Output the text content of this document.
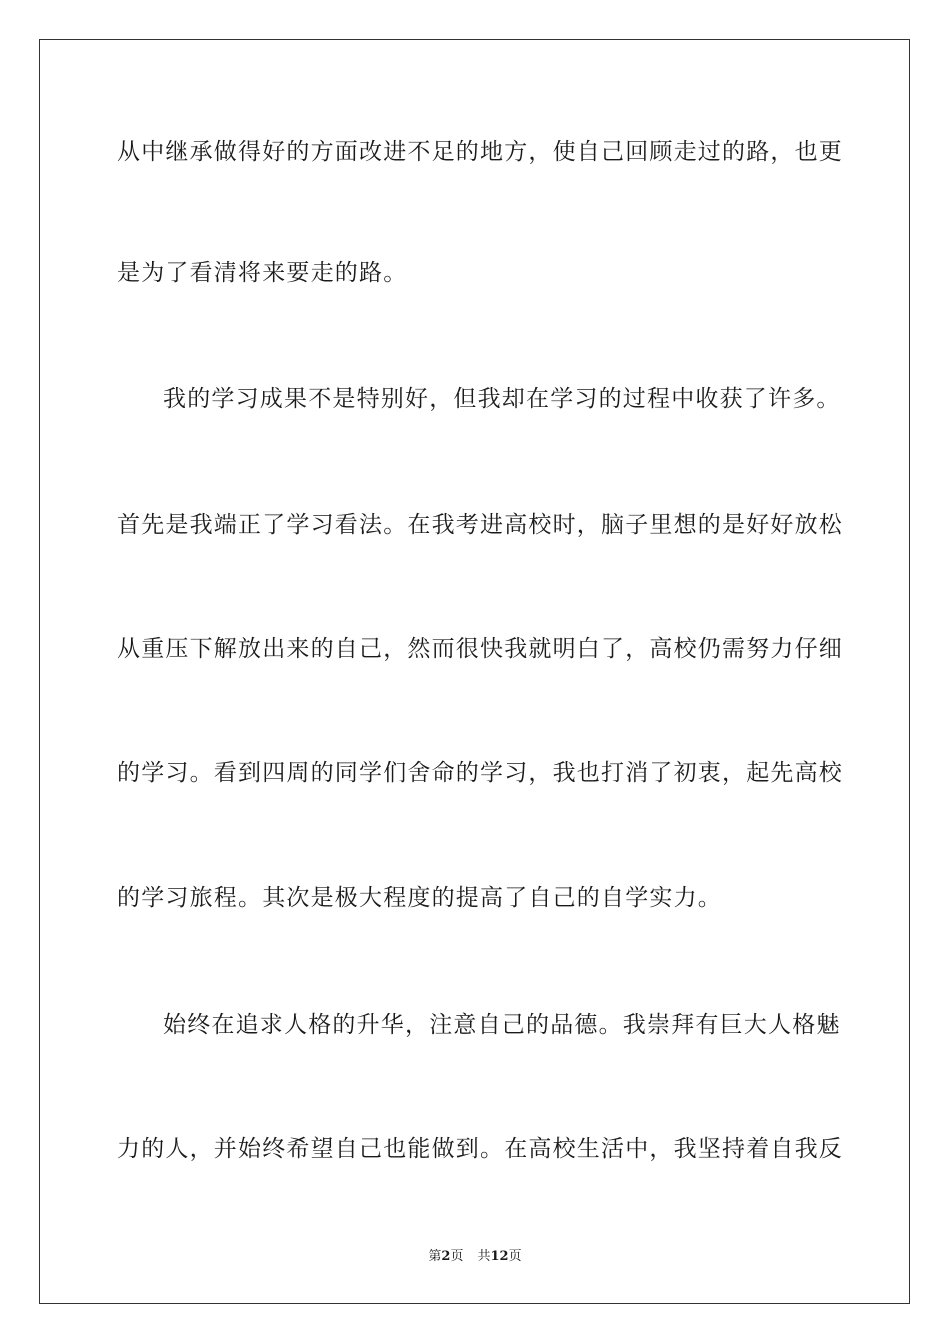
从中继承做得好的方面改进不足的地方，使自己回顾走过的路，也更
是为了看清将来要走的路。
我的学习成果不是特别好，但我却在学习的过程中收获了许多。
首先是我端正了学习看法。在我考进高校时，脑子里想的是好好放松
从重压下解放出来的自己，然而很快我就明白了，高校仍需努力仔细
的学习。看到四周的同学们舍命的学习，我也打消了初衷，起先高校
的学习旅程。其次是极大程度的提高了自己的自学实力。
始终在追求人格的升华，注意自己的品德。我崇拜有巨大人格魅
力的人，并始终希望自己也能做到。在高校生活中，我坚持着自我反
第2页 共12页
